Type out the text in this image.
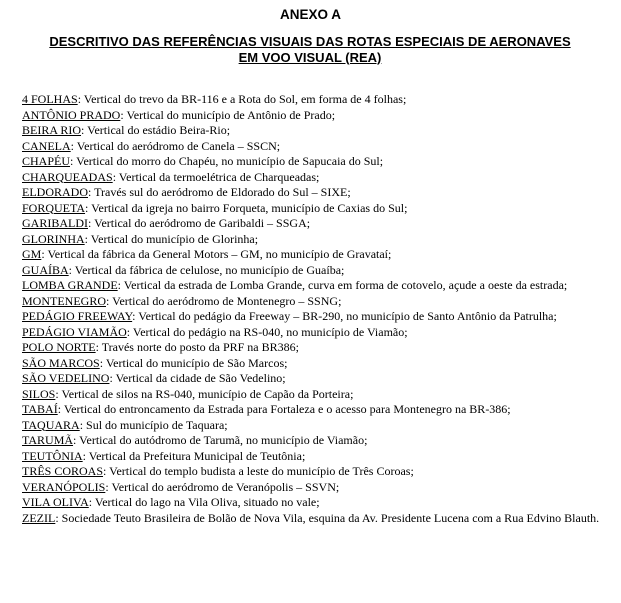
ANEXO A
DESCRITIVO DAS REFERÊNCIAS VISUAIS DAS ROTAS ESPECIAIS DE AERONAVES EM VOO VISUAL (REA)

4 FOLHAS: Vertical do trevo da BR-116 e a Rota do Sol, em forma de 4 folhas;

ANTÔNIO PRADO: Vertical do município de Antônio de Prado;

BEIRA RIO: Vertical do estádio Beira-Rio;

CANELA: Vertical do aeródromo de Canela – SSCN;

CHAPÉU: Vertical do morro do Chapéu, no município de Sapucaia do Sul;

CHARQUEADAS: Vertical da termoelétrica de Charqueadas;

ELDORADO: Través sul do aeródromo de Eldorado do Sul – SIXE;

FORQUETA: Vertical da igreja no bairro Forqueta, município de Caxias do Sul;

GARIBALDI: Vertical do aeródromo de Garibaldi – SSGA;

GLORINHA: Vertical do município de Glorinha;

GM: Vertical da fábrica da General Motors – GM, no município de Gravataí;

GUAÍBA: Vertical da fábrica de celulose, no município de Guaíba;

LOMBA GRANDE: Vertical da estrada de Lomba Grande, curva em forma de cotovelo, açude a oeste da estrada;

MONTENEGRO: Vertical do aeródromo de Montenegro – SSNG;

PEDÁGIO FREEWAY: Vertical do pedágio da Freeway – BR-290, no município de Santo Antônio da Patrulha;

PEDÁGIO VIAMÃO: Vertical do pedágio na RS-040, no município de Viamão;

POLO NORTE: Través norte do posto da PRF na BR386;

SÃO MARCOS: Vertical do município de São Marcos;

SÃO VEDELINO: Vertical da cidade de São Vedelino;

SILOS: Vertical de silos na RS-040, município de Capão da Porteira;

TABAÍ: Vertical do entroncamento da Estrada para Fortaleza e o acesso para Montenegro na BR-386;

TAQUARA: Sul do município de Taquara;

TARUMÃ: Vertical do autódromo de Tarumã, no município de Viamão;

TEUTÔNIA: Vertical da Prefeitura Municipal de Teutônia;

TRÊS COROAS: Vertical do templo budista a leste do município de Três Coroas;

VERANÓPOLIS: Vertical do aeródromo de Veranópolis – SSVN;

VILA OLIVA: Vertical do lago na Vila Oliva, situado no vale;

ZEZIL: Sociedade Teuto Brasileira de Bolão de Nova Vila, esquina da Av. Presidente Lucena com a Rua Edvino Blauth.
